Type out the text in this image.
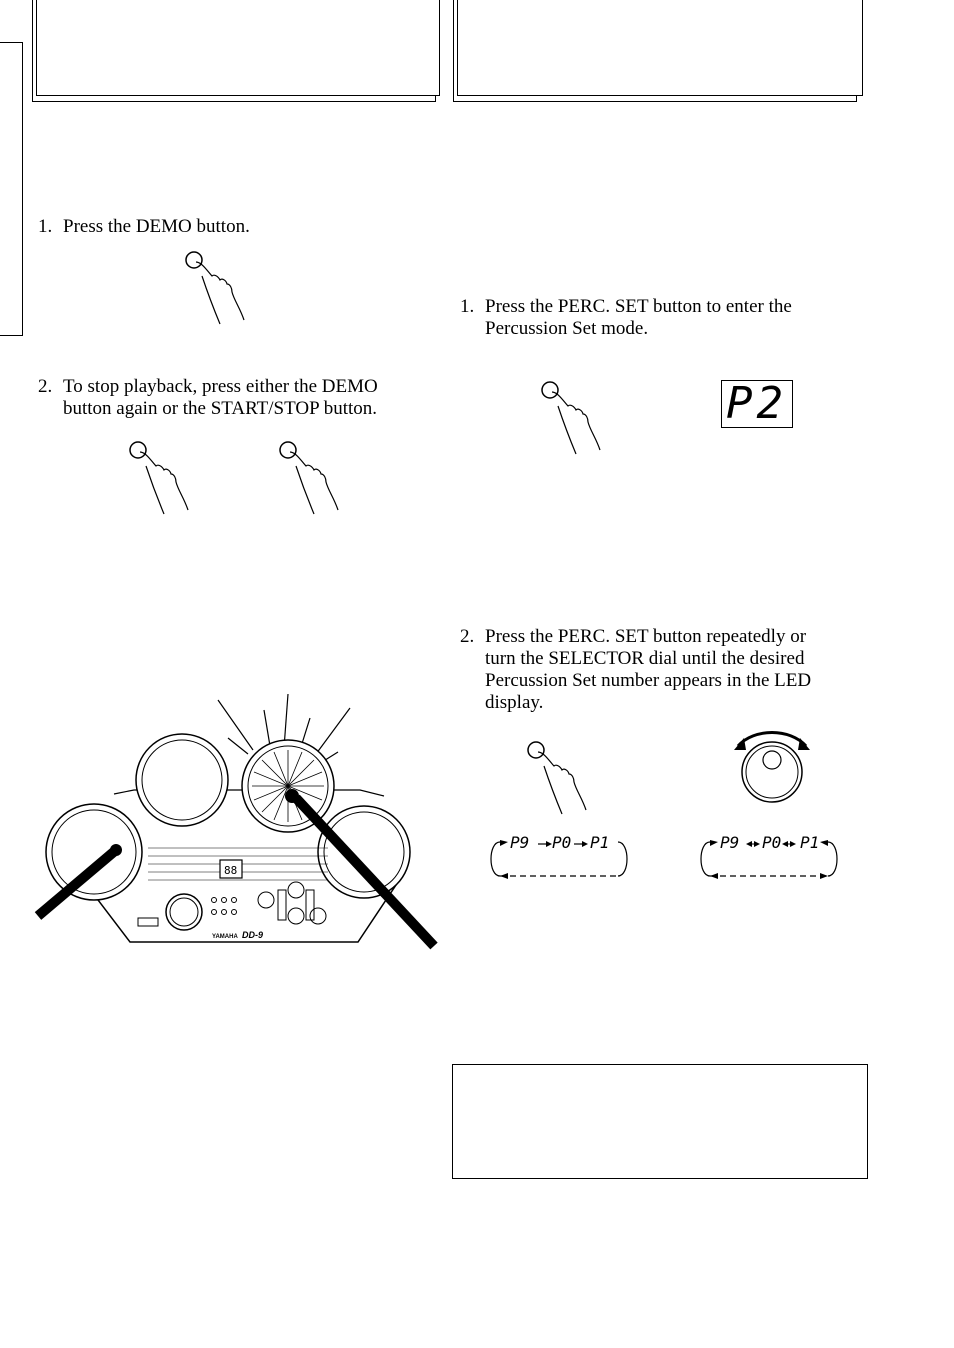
1. Press the DEMO button.
2. To stop playback, press either the DEMO
button again or the START/STOP button.
88
YAMAHA DD-9
1. Press the PERC. SET button to enter the
Percussion Set mode.
P2
2. Press the PERC. SET button repeatedly or
turn the SELECTOR dial until the desired
Percussion Set number appears in the LED
display.
P9 P0 P1	P9 P0 P1
